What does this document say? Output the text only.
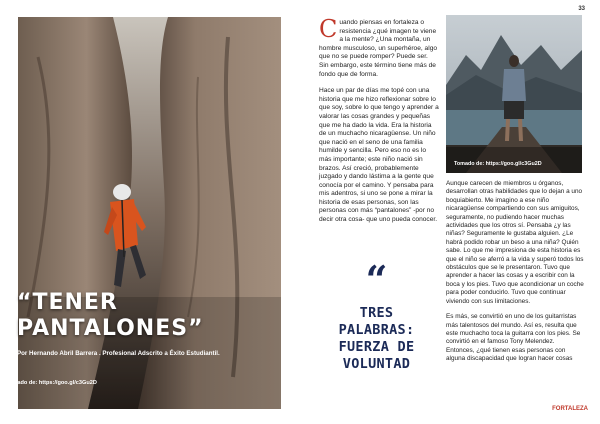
“TENER
PANTALONES”
Por Hernando Abril Barrera . Profesional Adscrito a Éxito Estudiantil.
Tomado de: https://goo.gl/c3Gu2D
33

Cuando piensas en fortaleza o resistencia ¿qué imagen te viene a la mente? ¿Una montaña, un hombre musculoso, un superhéroe, algo que no se puede romper? Puede ser. Sin embargo, este término tiene más de fondo que de forma.

Hace un par de días me topé con una historia que me hizo reflexionar sobre lo que soy, sobre lo que tengo y aprender a valorar las cosas grandes y pequeñas que me ha dado la vida. Era la historia de un muchacho nicaragüense. Un niño que nació en el seno de una familia humilde y sencilla. Pero eso no es lo más importante; este niño nació sin brazos. Así creció, probablemente juzgado y dando lástima a la gente que conocía por el camino. Y pensaba para mis adentros, si uno se pone a mirar la historia de esas personas, son las personas con más “pantalones” -por no decir otra cosa- que uno pueda conocer.

“
TRES PALABRAS: FUERZA DE VOLUNTAD
Tomado de: https://goo.gl/c3Gu2D

Aunque carecen de miembros u órganos, desarrollan otras habilidades que lo dejan a uno boquiabierto. Me imagino a ese niño nicaragüense compartiendo con sus amiguitos, seguramente, no pudiendo hacer muchas actividades que los otros sí. Pensaba ¿y las niñas? Seguramente le gustaba alguien. ¿Le habrá podido robar un beso a una niña? Quién sabe. Lo que me impresiona de esta historia es que el niño se aferró a la vida y superó todos los obstáculos que se le presentaron. Tuvo que aprender a hacer las cosas y a escribir con la boca y los pies. Tuvo que acondicionar un coche para poder conducirlo. Tuvo que continuar viviendo con sus limitaciones.

Es más, se convirtió en uno de los guitarristas más talentosos del mundo. Así es, resulta que este muchacho toca la guitarra con los pies. Se convirtió en el famoso Tony Melendez. Entonces, ¿qué tienen esas personas con alguna discapacidad que logran hacer cosas

FORTALEZA
